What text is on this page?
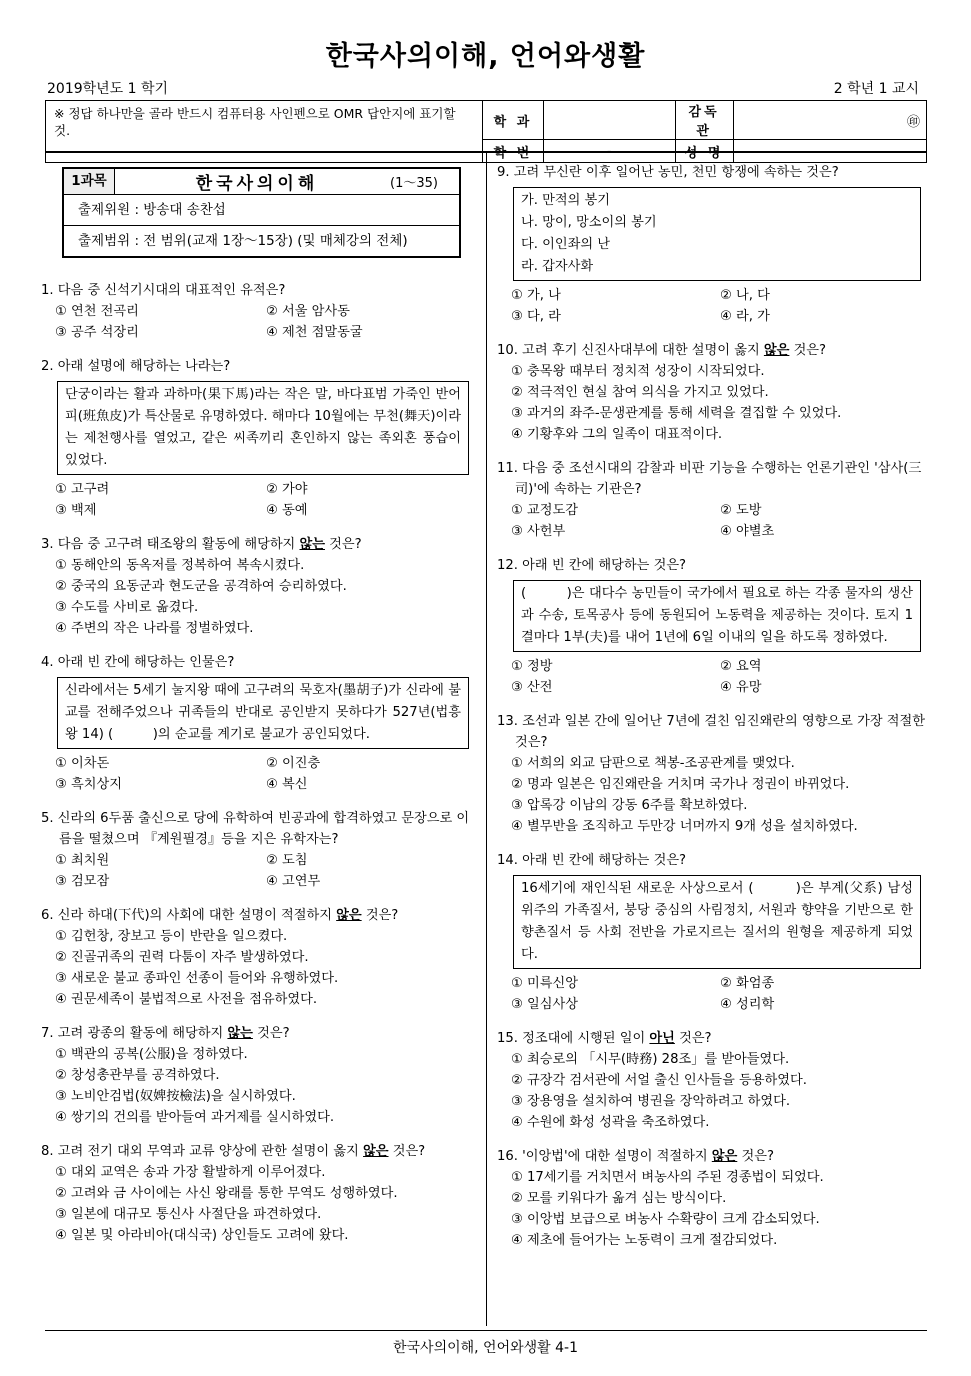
한국사의이해, 언어와생활
2019학년도 1 학기	2 학년 1 교시
※ 정답 하나만을 골라 반드시 컴퓨터용 사인펜으로 OMR 답안지에 표기할 것.	학 과		감독관	㊞
	학 번	-	성 명	
1과목	한국사의이해	(1～35)
출제위원 : 방송대 송찬섭
출제범위 : 전 범위(교재 1장～15장) (및 매체강의 전체)
1. 다음 중 신석기시대의 대표적인 유적은?
① 연천 전곡리	② 서울 암사동
③ 공주 석장리	④ 제천 점말동굴
2. 아래 설명에 해당하는 나라는?
단궁이라는 활과 과하마(果下馬)라는 작은 말, 바다표범 가죽인 반어피(班魚皮)가 특산물로 유명하였다. 해마다 10월에는 무천(舞天)이라는 제천행사를 열었고, 같은 씨족끼리 혼인하지 않는 족외혼 풍습이 있었다.
① 고구려	② 가야
③ 백제	④ 동예
3. 다음 중 고구려 태조왕의 활동에 해당하지 않는 것은?
① 동해안의 동옥저를 정복하여 복속시켰다.
② 중국의 요동군과 현도군을 공격하여 승리하였다.
③ 수도를 사비로 옮겼다.
④ 주변의 작은 나라를 정벌하였다.
4. 아래 빈 칸에 해당하는 인물은?
신라에서는 5세기 눌지왕 때에 고구려의 묵호자(墨胡子)가 신라에 불교를 전해주었으나 귀족들의 반대로 공인받지 못하다가 527년(법흥왕 14) (　　　)의 순교를 계기로 불교가 공인되었다.
① 이차돈	② 이진충
③ 흑치상지	④ 복신
5. 신라의 6두품 출신으로 당에 유학하여 빈공과에 합격하였고 문장으로 이름을 떨쳤으며 『계원필경』등을 지은 유학자는?
① 최치원	② 도침
③ 검모잠	④ 고연무
6. 신라 하대(下代)의 사회에 대한 설명이 적절하지 않은 것은?
① 김헌창, 장보고 등이 반란을 일으켰다.
② 진골귀족의 권력 다툼이 자주 발생하였다.
③ 새로운 불교 종파인 선종이 들어와 유행하였다.
④ 권문세족이 불법적으로 사전을 점유하였다.
7. 고려 광종의 활동에 해당하지 않는 것은?
① 백관의 공복(公服)을 정하였다.
② 창성총관부를 공격하였다.
③ 노비안검법(奴婢按檢法)을 실시하였다.
④ 쌍기의 건의를 받아들여 과거제를 실시하였다.
8. 고려 전기 대외 무역과 교류 양상에 관한 설명이 옳지 않은 것은?
① 대외 교역은 송과 가장 활발하게 이루어졌다.
② 고려와 금 사이에는 사신 왕래를 통한 무역도 성행하였다.
③ 일본에 대규모 통신사 사절단을 파견하였다.
④ 일본 및 아라비아(대식국) 상인들도 고려에 왔다.
9. 고려 무신란 이후 일어난 농민, 천민 항쟁에 속하는 것은?
가. 만적의 봉기
나. 망이, 망소이의 봉기
다. 이인좌의 난
라. 갑자사화
① 가, 나	② 나, 다
③ 다, 라	④ 라, 가
10. 고려 후기 신진사대부에 대한 설명이 옳지 않은 것은?
① 충목왕 때부터 정치적 성장이 시작되었다.
② 적극적인 현실 참여 의식을 가지고 있었다.
③ 과거의 좌주-문생관계를 통해 세력을 결집할 수 있었다.
④ 기황후와 그의 일족이 대표적이다.
11. 다음 중 조선시대의 감찰과 비판 기능을 수행하는 언론기관인 '삼사(三司)'에 속하는 기관은?
① 교정도감	② 도방
③ 사헌부	④ 야별초
12. 아래 빈 칸에 해당하는 것은?
(　　　)은 대다수 농민들이 국가에서 필요로 하는 각종 물자의 생산과 수송, 토목공사 등에 동원되어 노동력을 제공하는 것이다. 토지 1결마다 1부(夫)를 내어 1년에 6일 이내의 일을 하도록 정하였다.
① 정방	② 요역
③ 산전	④ 유망
13. 조선과 일본 간에 일어난 7년에 걸친 임진왜란의 영향으로 가장 적절한 것은?
① 서희의 외교 담판으로 책봉-조공관계를 맺었다.
② 명과 일본은 임진왜란을 거치며 국가나 정권이 바뀌었다.
③ 압록강 이남의 강동 6주를 확보하였다.
④ 별무반을 조직하고 두만강 너머까지 9개 성을 설치하였다.
14. 아래 빈 칸에 해당하는 것은?
16세기에 재인식된 새로운 사상으로서 (　　　)은 부계(父系) 남성 위주의 가족질서, 붕당 중심의 사림정치, 서원과 향약을 기반으로 한 향촌질서 등 사회 전반을 가로지르는 질서의 원형을 제공하게 되었다.
① 미륵신앙	② 화엄종
③ 일심사상	④ 성리학
15. 정조대에 시행된 일이 아닌 것은?
① 최승로의 「시무(時務) 28조」를 받아들였다.
② 규장각 검서관에 서얼 출신 인사들을 등용하였다.
③ 장용영을 설치하여 병권을 장악하려고 하였다.
④ 수원에 화성 성곽을 축조하였다.
16. '이앙법'에 대한 설명이 적절하지 않은 것은?
① 17세기를 거치면서 벼농사의 주된 경종법이 되었다.
② 모를 키워다가 옮겨 심는 방식이다.
③ 이앙법 보급으로 벼농사 수확량이 크게 감소되었다.
④ 제초에 들어가는 노동력이 크게 절감되었다.
한국사의이해, 언어와생활 4-1
